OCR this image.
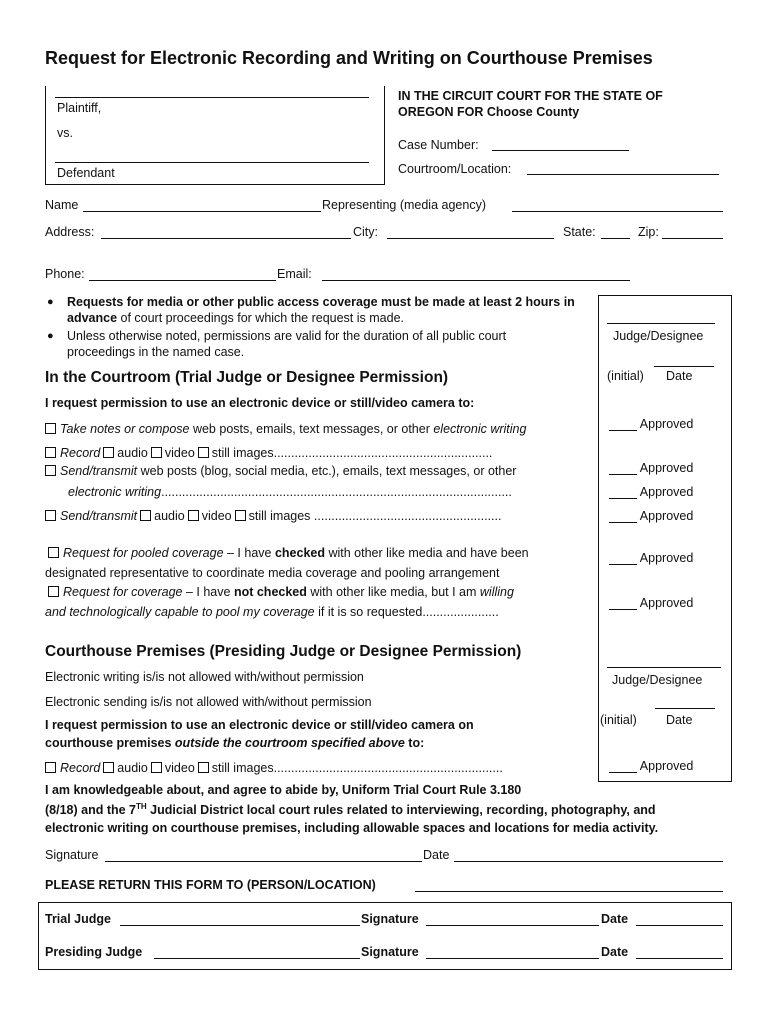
Request for Electronic Recording and Writing on Courthouse Premises
Plaintiff,
vs.
Defendant
IN THE CIRCUIT COURT FOR THE STATE OF
OREGON FOR Choose County
Case Number:
Courtroom/Location:
Name	Representing (media agency)
Address:	City:	State:	Zip:
Phone:	Email:
● Requests for media or other public access coverage must be made at least 2 hours in advance of court proceedings for which the request is made.
● Unless otherwise noted, permissions are valid for the duration of all public court proceedings in the named case.
Judge/Designee
(initial) Date
In the Courtroom (Trial Judge or Designee Permission)
I request permission to use an electronic device or still/video camera to:
Take notes or compose web posts, emails, text messages, or other electronic writing
Record audio video still images...............................................................
Send/transmit web posts (blog, social media, etc.), emails, text messages, or other
electronic writing.....................................................................................................
Send/transmit audio video still images ......................................................
Request for pooled coverage – I have checked with other like media and have been
designated representative to coordinate media coverage and pooling arrangement
Request for coverage – I have not checked with other like media, but I am willing
and technologically capable to pool my coverage if it is so requested......................
Approved
Approved
Approved
Approved
Approved
Approved
Courthouse Premises (Presiding Judge or Designee Permission)
Electronic writing is/is not allowed with/without permission
Electronic sending is/is not allowed with/without permission
I request permission to use an electronic device or still/video camera on
courthouse premises outside the courtroom specified above to:
Record audio video still images..................................................................
Judge/Designee
(initial) Date
Approved
I am knowledgeable about, and agree to abide by, Uniform Trial Court Rule 3.180
(8/18) and the 7TH Judicial District local court rules related to interviewing, recording, photography, and
electronic writing on courthouse premises, including allowable spaces and locations for media activity.
Signature	Date
PLEASE RETURN THIS FORM TO (PERSON/LOCATION)
Trial Judge	Signature	Date
Presiding Judge	Signature	Date
